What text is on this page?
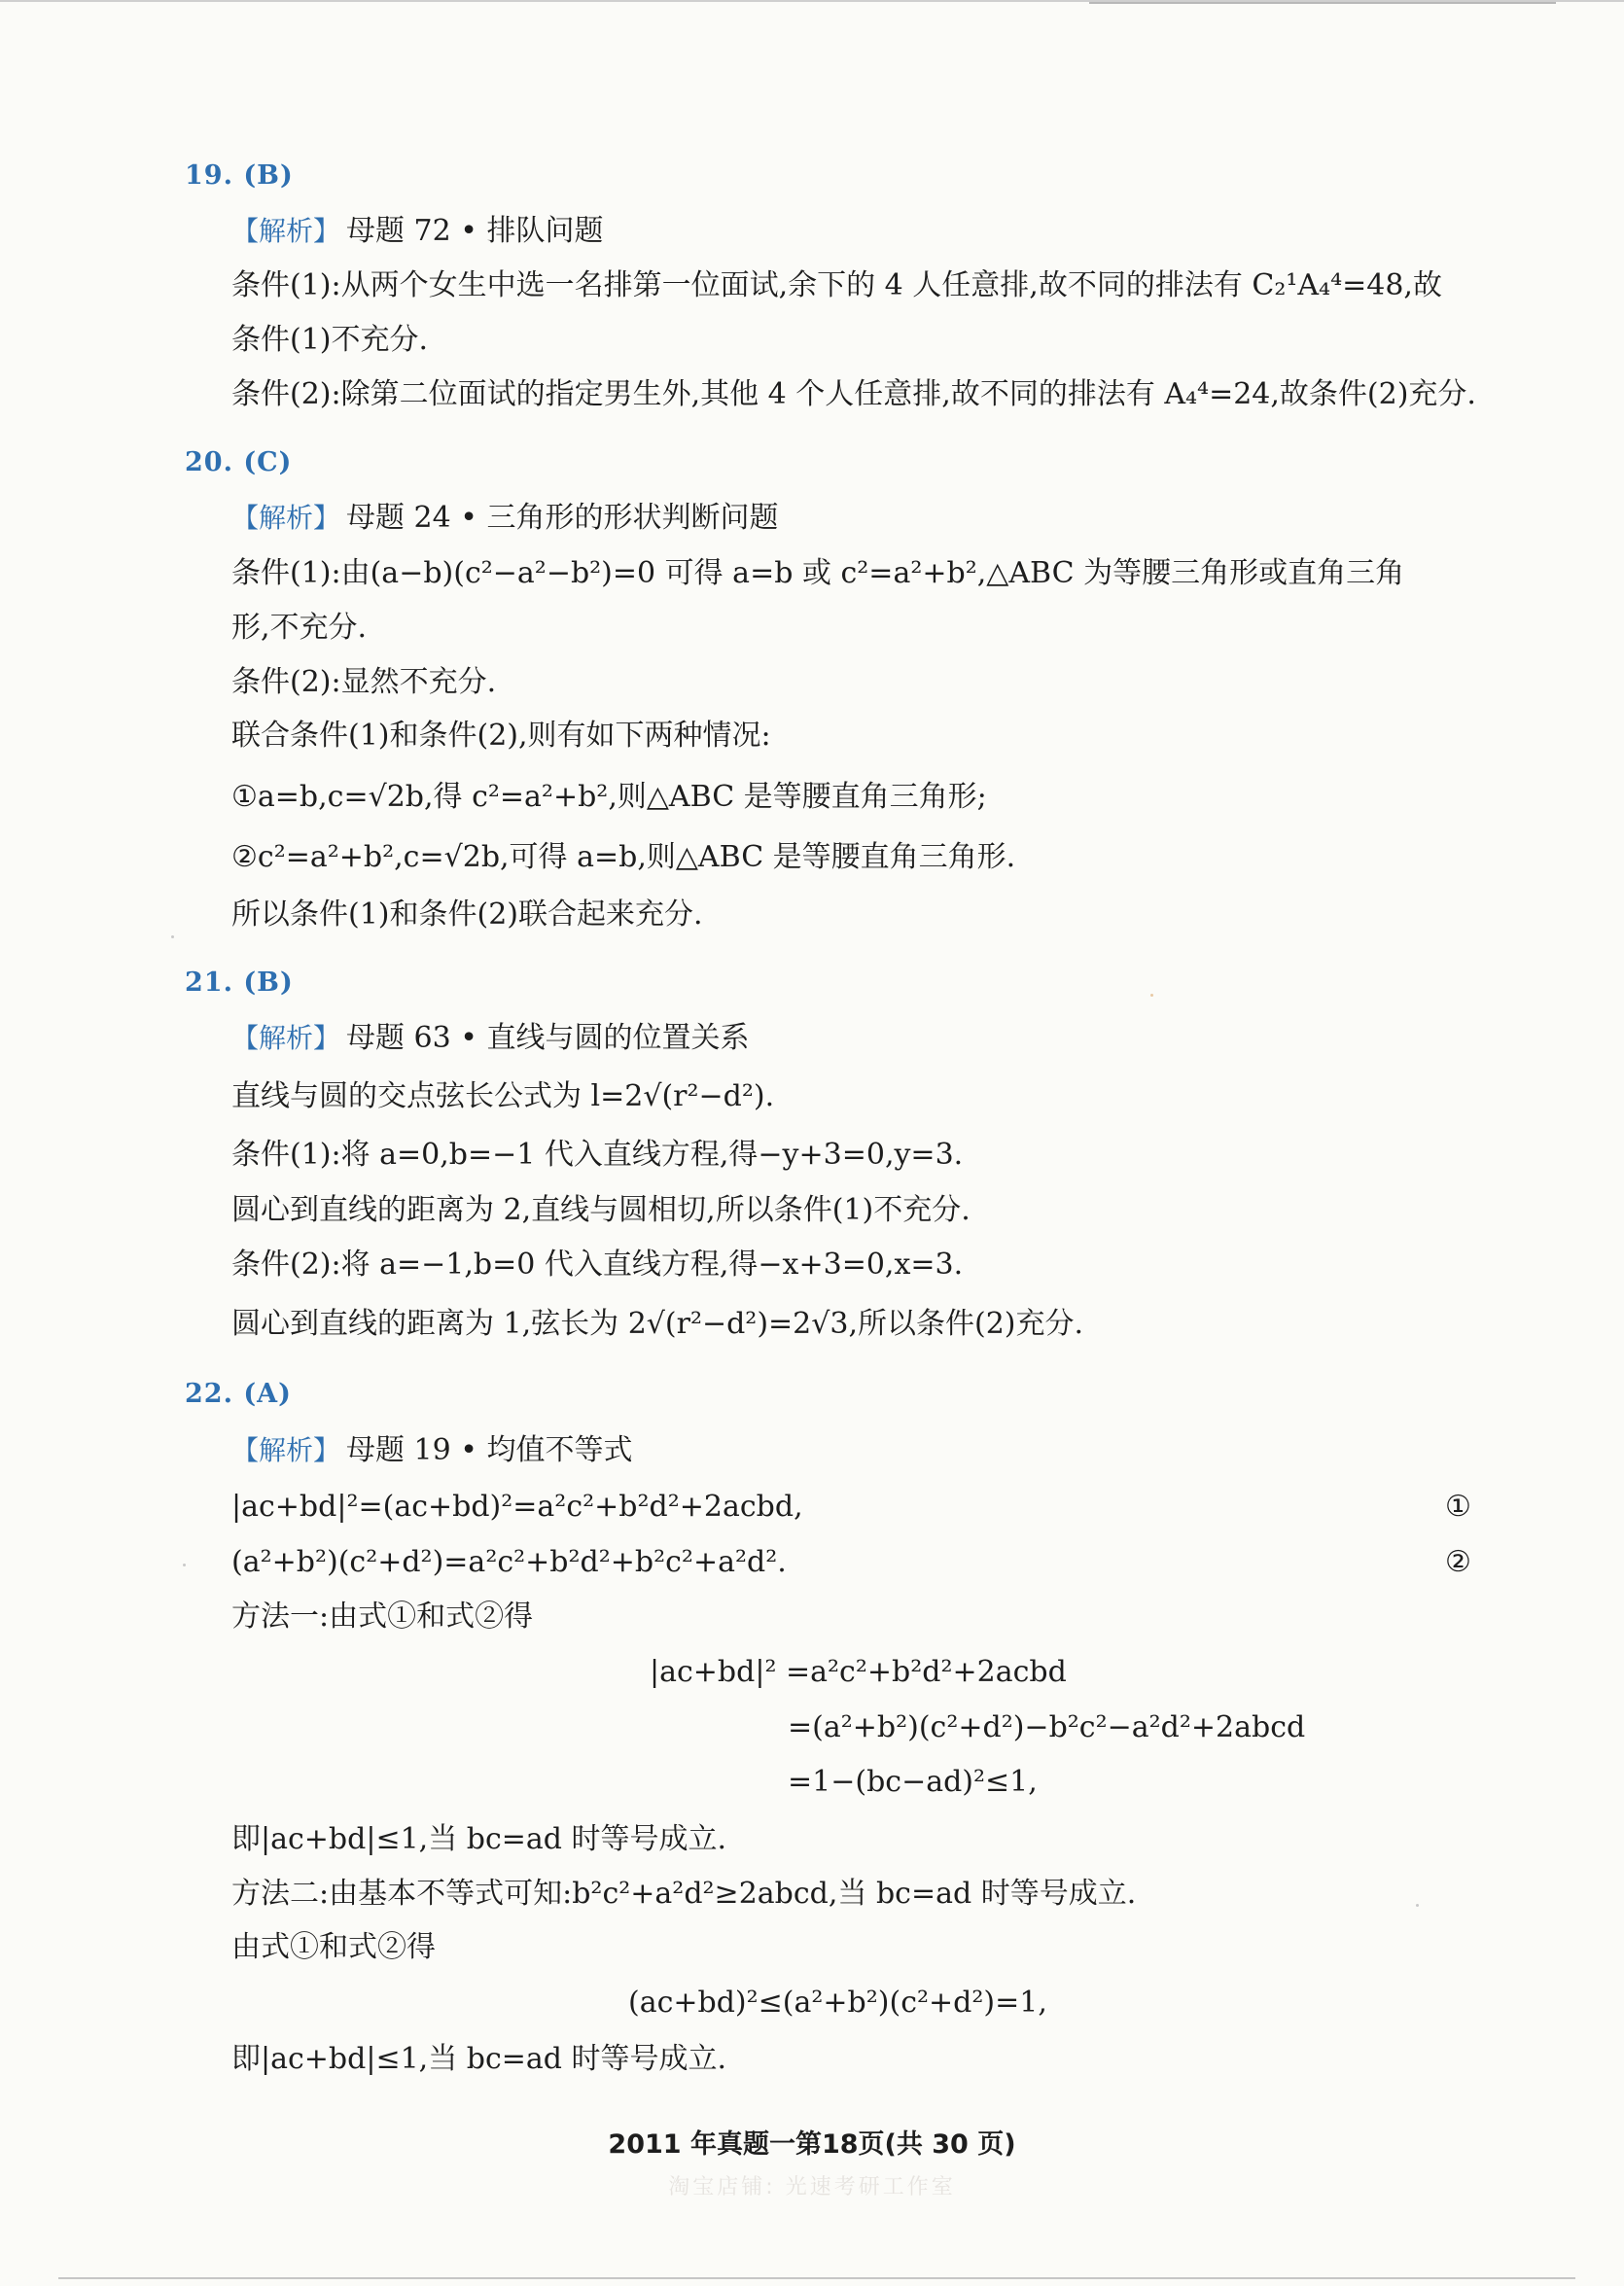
19. (B)
【解析】 母题 72 • 排队问题
条件(1):从两个女生中选一名排第一位面试,余下的 4 人任意排,故不同的排法有 C₂¹A₄⁴=48,故
条件(1)不充分.
条件(2):除第二位面试的指定男生外,其他 4 个人任意排,故不同的排法有 A₄⁴=24,故条件(2)充分.
20. (C)
【解析】 母题 24 • 三角形的形状判断问题
条件(1):由(a−b)(c²−a²−b²)=0 可得 a=b 或 c²=a²+b²,△ABC 为等腰三角形或直角三角
形,不充分.
条件(2):显然不充分.
联合条件(1)和条件(2),则有如下两种情况:
①a=b,c=√2b,得 c²=a²+b²,则△ABC 是等腰直角三角形;
②c²=a²+b²,c=√2b,可得 a=b,则△ABC 是等腰直角三角形.
所以条件(1)和条件(2)联合起来充分.
21. (B)
【解析】 母题 63 • 直线与圆的位置关系
直线与圆的交点弦长公式为 l=2√(r²−d²).
条件(1):将 a=0,b=−1 代入直线方程,得−y+3=0,y=3.
圆心到直线的距离为 2,直线与圆相切,所以条件(1)不充分.
条件(2):将 a=−1,b=0 代入直线方程,得−x+3=0,x=3.
圆心到直线的距离为 1,弦长为 2√(r²−d²)=2√3,所以条件(2)充分.
22. (A)
【解析】 母题 19 • 均值不等式
|ac+bd|²=(ac+bd)²=a²c²+b²d²+2acbd,	①
(a²+b²)(c²+d²)=a²c²+b²d²+b²c²+a²d².	②
方法一:由式①和式②得
|ac+bd|² =a²c²+b²d²+2acbd
=(a²+b²)(c²+d²)−b²c²−a²d²+2abcd
=1−(bc−ad)²≤1,
即|ac+bd|≤1,当 bc=ad 时等号成立.
方法二:由基本不等式可知:b²c²+a²d²≥2abcd,当 bc=ad 时等号成立.
由式①和式②得
(ac+bd)²≤(a²+b²)(c²+d²)=1,
即|ac+bd|≤1,当 bc=ad 时等号成立.
2011 年真题一第18页(共 30 页)
淘宝店铺: 光速考研工作室
